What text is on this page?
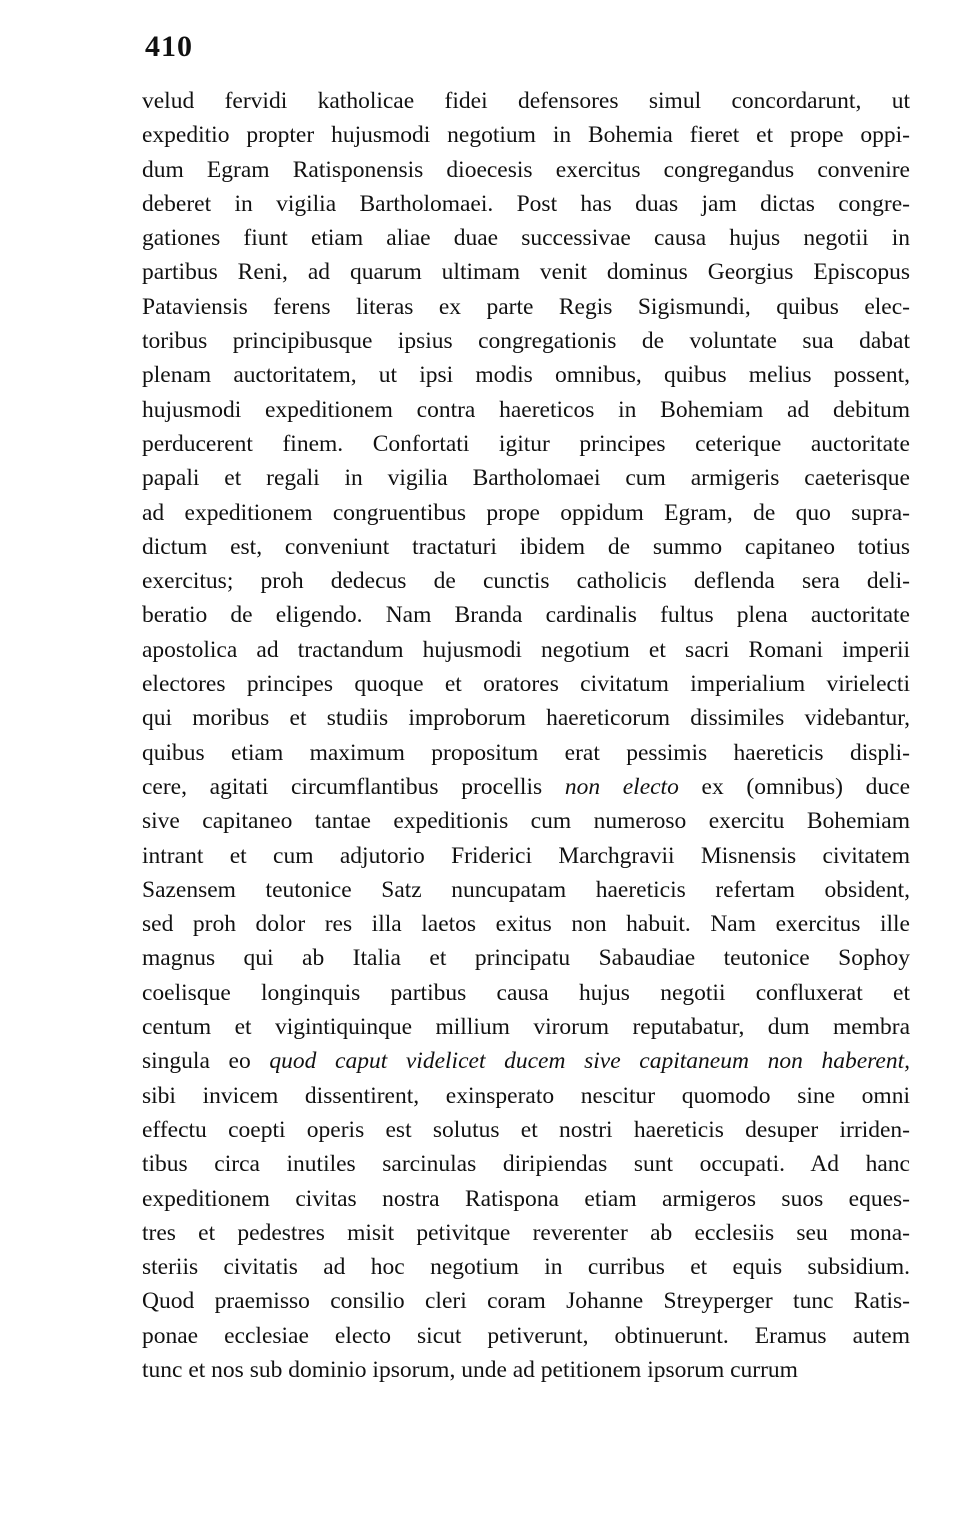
410
velud fervidi katholicae fidei defensores simul concordarunt, ut
expeditio propter hujusmodi negotium in Bohemia fieret et prope oppi-
dum Egram Ratisponensis dioecesis exercitus congregandus convenire
deberet in vigilia Bartholomaei. Post has duas jam dictas congre-
gationes fiunt etiam aliae duae successivae causa hujus negotii in
partibus Reni, ad quarum ultimam venit dominus Georgius Episcopus
Pataviensis ferens literas ex parte Regis Sigismundi, quibus elec-
toribus principibusque ipsius congregationis de voluntate sua dabat
plenam auctoritatem, ut ipsi modis omnibus, quibus melius possent,
hujusmodi expeditionem contra haereticos in Bohemiam ad debitum
perducerent finem. Confortati igitur principes ceterique auctoritate
papali et regali in vigilia Bartholomaei cum armigeris caeterisque
ad expeditionem congruentibus prope oppidum Egram, de quo supra-
dictum est, conveniunt tractaturi ibidem de summo capitaneo totius
exercitus; proh dedecus de cunctis catholicis deflenda sera deli-
beratio de eligendo. Nam Branda cardinalis fultus plena auctoritate
apostolica ad tractandum hujusmodi negotium et sacri Romani imperii
electores principes quoque et oratores civitatum imperialium virielecti
qui moribus et studiis improborum haereticorum dissimiles videbantur,
quibus etiam maximum propositum erat pessimis haereticis displi-
cere, agitati circumflantibus procellis non electo ex (omnibus) duce
sive capitaneo tantae expeditionis cum numeroso exercitu Bohemiam
intrant et cum adjutorio Friderici Marchgravii Misnensis civitatem
Sazensem teutonice Satz nuncupatam haereticis refertam obsident,
sed proh dolor res illa laetos exitus non habuit. Nam exercitus ille
magnus qui ab Italia et principatu Sabaudiae teutonice Sophoy
coelisque longinquis partibus causa hujus negotii confluxerat et
centum et vigintiquinque millium virorum reputabatur, dum membra
singula eo quod caput videlicet ducem sive capitaneum non haberent,
sibi invicem dissentirent, exinsperato nescitur quomodo sine omni
effectu coepti operis est solutus et nostri haereticis desuper irriden-
tibus circa inutiles sarcinulas diripiendas sunt occupati. Ad hanc
expeditionem civitas nostra Ratispona etiam armigeros suos eques-
tres et pedestres misit petivitque reverenter ab ecclesiis seu mona-
steriis civitatis ad hoc negotium in curribus et equis subsidium.
Quod praemisso consilio cleri coram Johanne Streyperger tunc Ratis-
ponae ecclesiae electo sicut petiverunt, obtinuerunt. Eramus autem
tunc et nos sub dominio ipsorum, unde ad petitionem ipsorum currum
